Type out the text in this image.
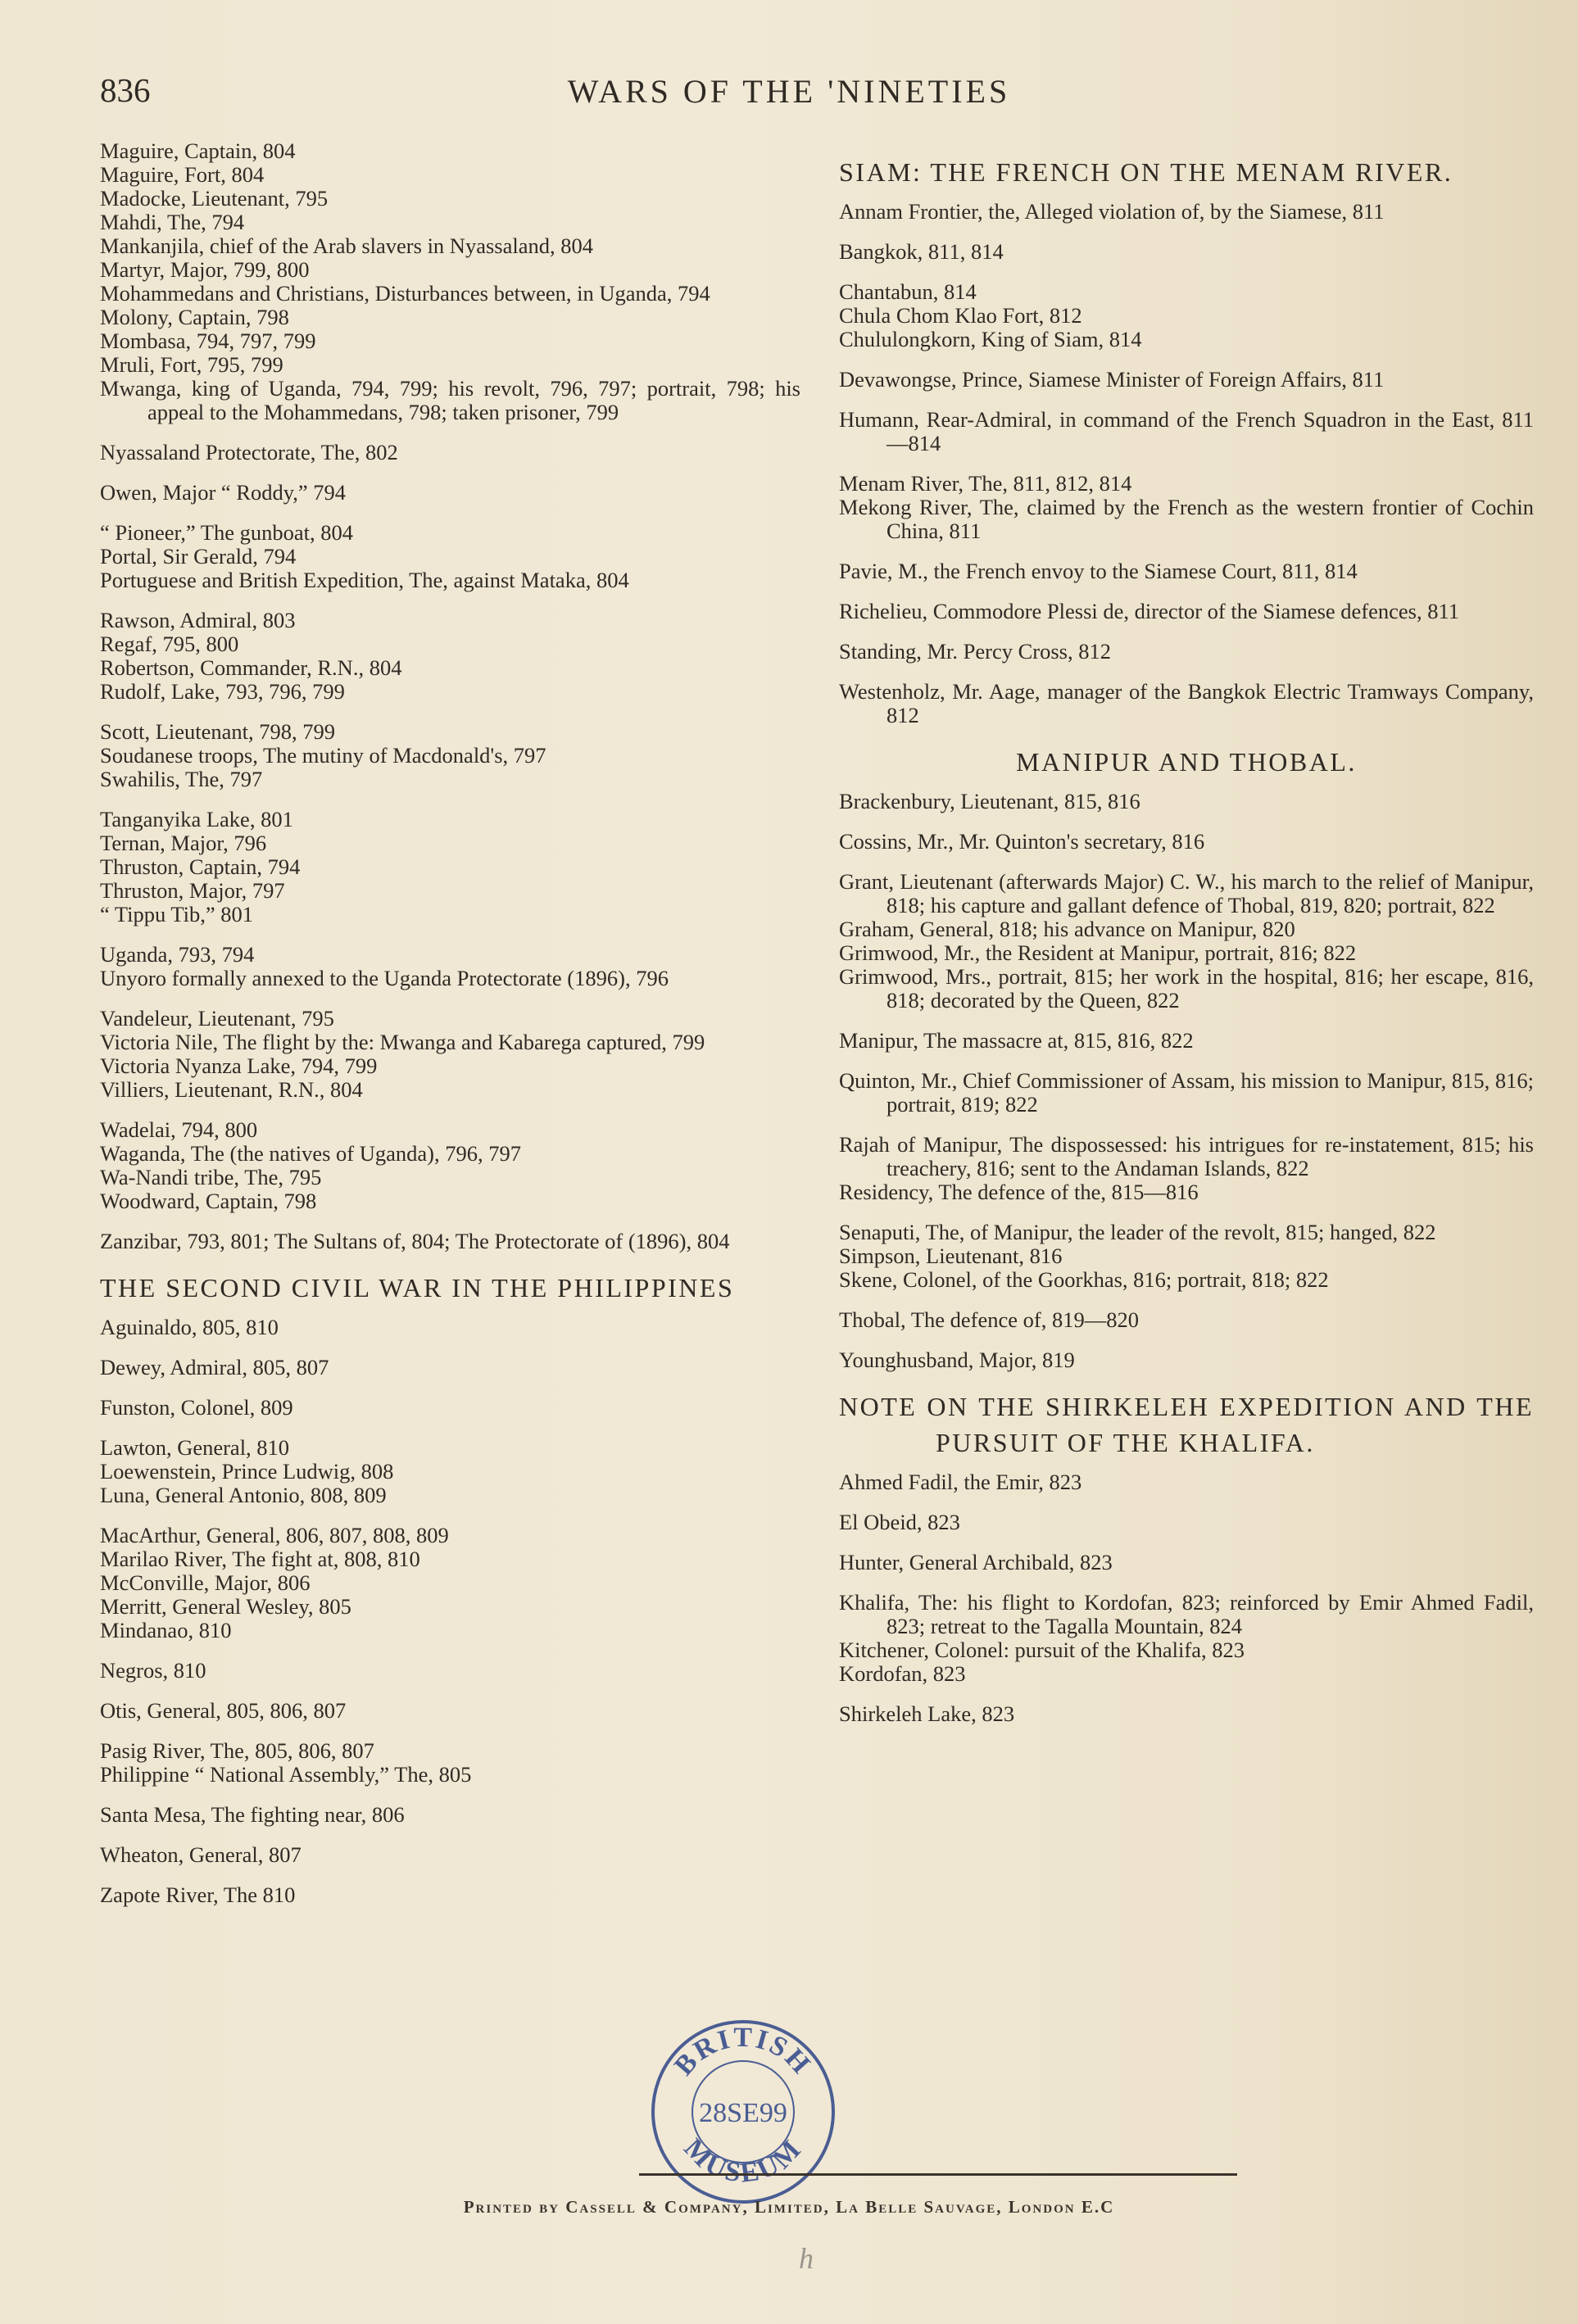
836	WARS OF THE 'NINETIES
Maguire, Captain, 804
Maguire, Fort, 804
Madocke, Lieutenant, 795
Mahdi, The, 794
Mankanjila, chief of the Arab slavers in Nyassaland, 804
Martyr, Major, 799, 800
Mohammedans and Christians, Disturbances between, in Uganda, 794
Molony, Captain, 798
Mombasa, 794, 797, 799
Mruli, Fort, 795, 799
Mwanga, king of Uganda, 794, 799; his revolt, 796, 797; portrait, 798; his appeal to the Mohammedans, 798; taken prisoner, 799
Nyassaland Protectorate, The, 802
Owen, Major “ Roddy,” 794
“ Pioneer,” The gunboat, 804
Portal, Sir Gerald, 794
Portuguese and British Expedition, The, against Mataka, 804
Rawson, Admiral, 803
Regaf, 795, 800
Robertson, Commander, R.N., 804
Rudolf, Lake, 793, 796, 799
Scott, Lieutenant, 798, 799
Soudanese troops, The mutiny of Macdonald's, 797
Swahilis, The, 797
Tanganyika Lake, 801
Ternan, Major, 796
Thruston, Captain, 794
Thruston, Major, 797
“ Tippu Tib,” 801
Uganda, 793, 794
Unyoro formally annexed to the Uganda Protectorate (1896), 796
Vandeleur, Lieutenant, 795
Victoria Nile, The flight by the: Mwanga and Kabarega captured, 799
Victoria Nyanza Lake, 794, 799
Villiers, Lieutenant, R.N., 804
Wadelai, 794, 800
Waganda, The (the natives of Uganda), 796, 797
Wa-Nandi tribe, The, 795
Woodward, Captain, 798
Zanzibar, 793, 801; The Sultans of, 804; The Protectorate of (1896), 804
THE SECOND CIVIL WAR IN THE PHILIPPINES
Aguinaldo, 805, 810
Dewey, Admiral, 805, 807
Funston, Colonel, 809
Lawton, General, 810
Loewenstein, Prince Ludwig, 808
Luna, General Antonio, 808, 809
MacArthur, General, 806, 807, 808, 809
Marilao River, The fight at, 808, 810
McConville, Major, 806
Merritt, General Wesley, 805
Mindanao, 810
Negros, 810
Otis, General, 805, 806, 807
Pasig River, The, 805, 806, 807
Philippine “ National Assembly,” The, 805
Santa Mesa, The fighting near, 806
Wheaton, General, 807
Zapote River, The 810
SIAM: THE FRENCH ON THE MENAM RIVER.
Annam Frontier, the, Alleged violation of, by the Siamese, 811
Bangkok, 811, 814
Chantabun, 814
Chula Chom Klao Fort, 812
Chululongkorn, King of Siam, 814
Devawongse, Prince, Siamese Minister of Foreign Affairs, 811
Humann, Rear-Admiral, in command of the French Squadron in the East, 811—814
Menam River, The, 811, 812, 814
Mekong River, The, claimed by the French as the western frontier of Cochin China, 811
Pavie, M., the French envoy to the Siamese Court, 811, 814
Richelieu, Commodore Plessi de, director of the Siamese defences, 811
Standing, Mr. Percy Cross, 812
Westenholz, Mr. Aage, manager of the Bangkok Electric Tramways Company, 812
MANIPUR AND THOBAL.
Brackenbury, Lieutenant, 815, 816
Cossins, Mr., Mr. Quinton's secretary, 816
Grant, Lieutenant (afterwards Major) C. W., his march to the relief of Manipur, 818; his capture and gallant defence of Thobal, 819, 820; portrait, 822
Graham, General, 818; his advance on Manipur, 820
Grimwood, Mr., the Resident at Manipur, portrait, 816; 822
Grimwood, Mrs., portrait, 815; her work in the hospital, 816; her escape, 816, 818; decorated by the Queen, 822
Manipur, The massacre at, 815, 816, 822
Quinton, Mr., Chief Commissioner of Assam, his mission to Manipur, 815, 816; portrait, 819; 822
Rajah of Manipur, The dispossessed: his intrigues for re-instatement, 815; his treachery, 816; sent to the Andaman Islands, 822
Residency, The defence of the, 815—816
Senaputi, The, of Manipur, the leader of the revolt, 815; hanged, 822
Simpson, Lieutenant, 816
Skene, Colonel, of the Goorkhas, 816; portrait, 818; 822
Thobal, The defence of, 819—820
Younghusband, Major, 819
NOTE ON THE SHIRKELEH EXPEDITION AND THE PURSUIT OF THE KHALIFA.
Ahmed Fadil, the Emir, 823
El Obeid, 823
Hunter, General Archibald, 823
Khalifa, The: his flight to Kordofan, 823; reinforced by Emir Ahmed Fadil, 823; retreat to the Tagalla Mountain, 824
Kitchener, Colonel: pursuit of the Khalifa, 823
Kordofan, 823
Shirkeleh Lake, 823
BRITISH
MUSEUM
28SE99
Printed by Cassell & Company, Limited, La Belle Sauvage, London E.C
h
